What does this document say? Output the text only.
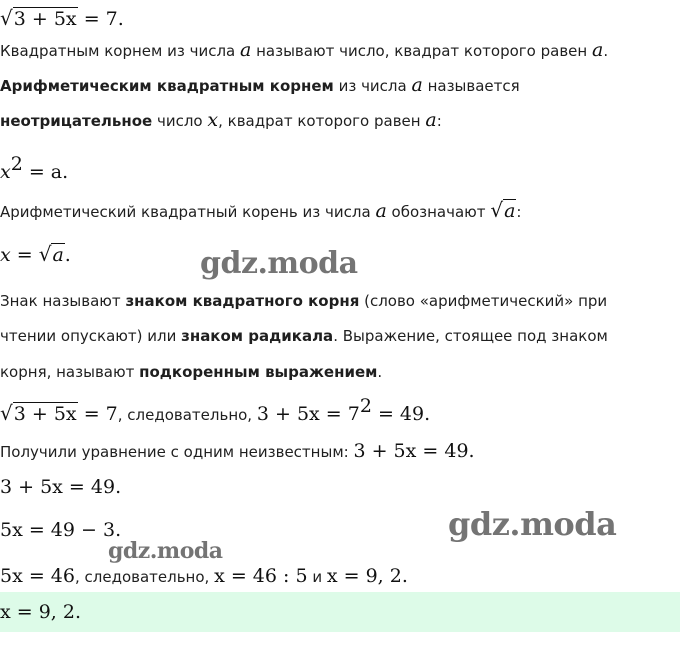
√3 + 5x = 7.
Квадратным корнем из числа a называют число, квадрат которого равен a.
Арифметическим квадратным корнем из числа a называется
неотрицательное число x, квадрат которого равен a:
$x^2 = a$.
Арифметический квадратный корень из числа a обозначают √a:
x = √a.
Знак называют знаком квадратного корня (слово «арифметический» при
чтении опускают) или знаком радикала. Выражение, стоящее под знаком
корня, называют подкоренным выражением.
√3 + 5x = 7, следовательно, $3 + 5x = 7^2 = 49$.
Получили уравнение с одним неизвестным: 3 + 5x = 49.
3 + 5x = 49.
5x = 49 − 3.
5x = 46, следовательно, x = 46 : 5 и x = 9, 2.
x = 9, 2.
gdz.moda
gdz.moda
gdz.moda
